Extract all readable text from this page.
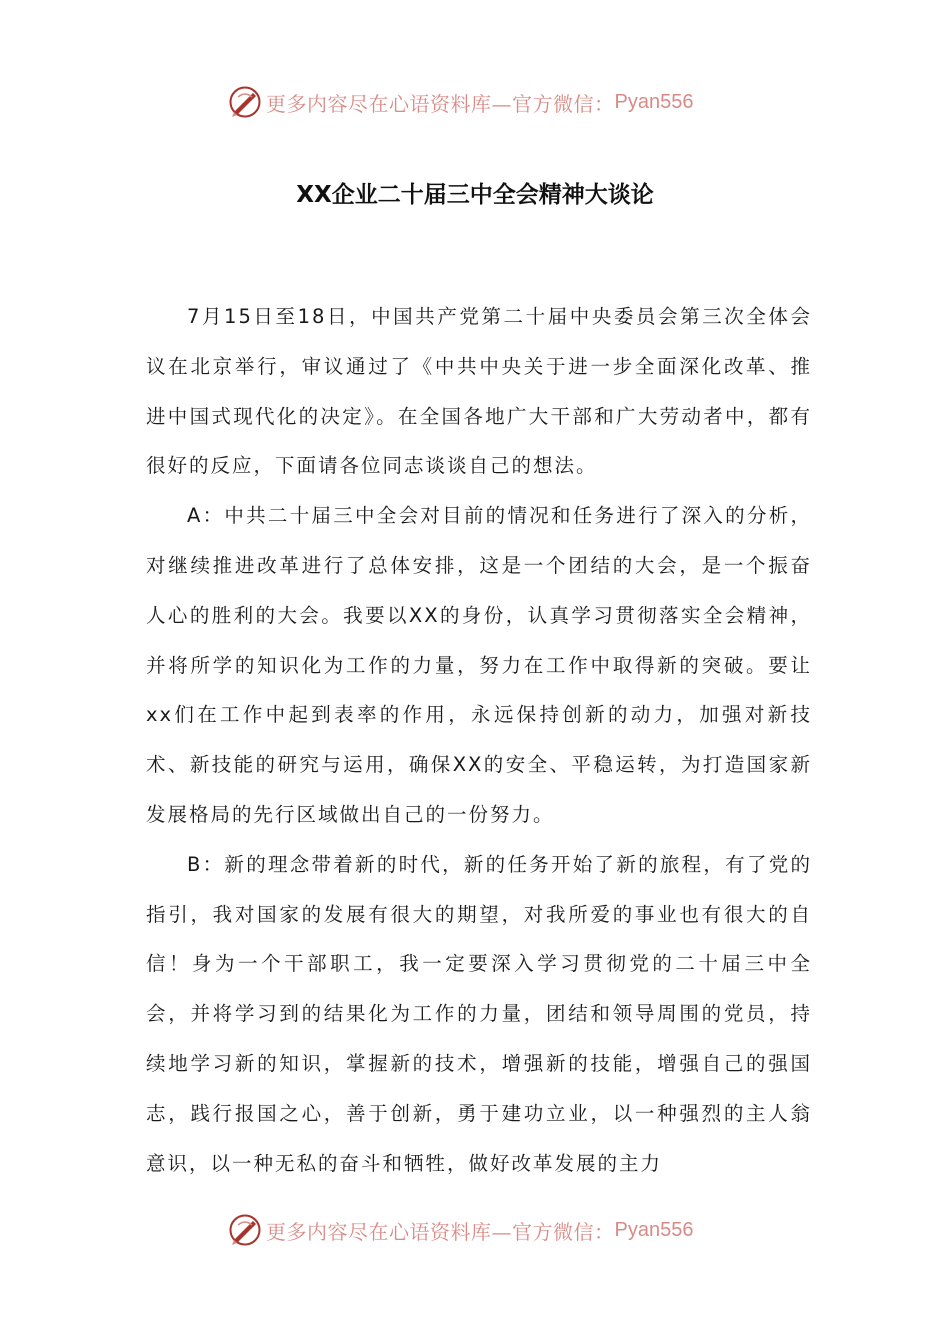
更多内容尽在心语资料库—官方微信： Pyan556
XX企业二十届三中全会精神大谈论

7月15日至18日，中国共产党第二十届中央委员会第三次全体会议在北京举行，审议通过了《中共中央关于进一步全面深化改革、推进中国式现代化的决定》。在全国各地广大干部和广大劳动者中，都有很好的反应，下面请各位同志谈谈自己的想法。

A：中共二十届三中全会对目前的情况和任务进行了深入的分析，对继续推进改革进行了总体安排，这是一个团结的大会，是一个振奋人心的胜利的大会。我要以XX的身份，认真学习贯彻落实全会精神，并将所学的知识化为工作的力量，努力在工作中取得新的突破。要让xx们在工作中起到表率的作用，永远保持创新的动力，加强对新技术、新技能的研究与运用，确保XX的安全、平稳运转，为打造国家新发展格局的先行区域做出自己的一份努力。

B：新的理念带着新的时代，新的任务开始了新的旅程，有了党的指引，我对国家的发展有很大的期望，对我所爱的事业也有很大的自信！身为一个干部职工，我一定要深入学习贯彻党的二十届三中全会，并将学习到的结果化为工作的力量，团结和领导周围的党员，持续地学习新的知识，掌握新的技术，增强新的技能，增强自己的强国志，践行报国之心，善于创新，勇于建功立业，以一种强烈的主人翁意识，以一种无私的奋斗和牺牲，做好改革发展的主力

更多内容尽在心语资料库—官方微信： Pyan556
